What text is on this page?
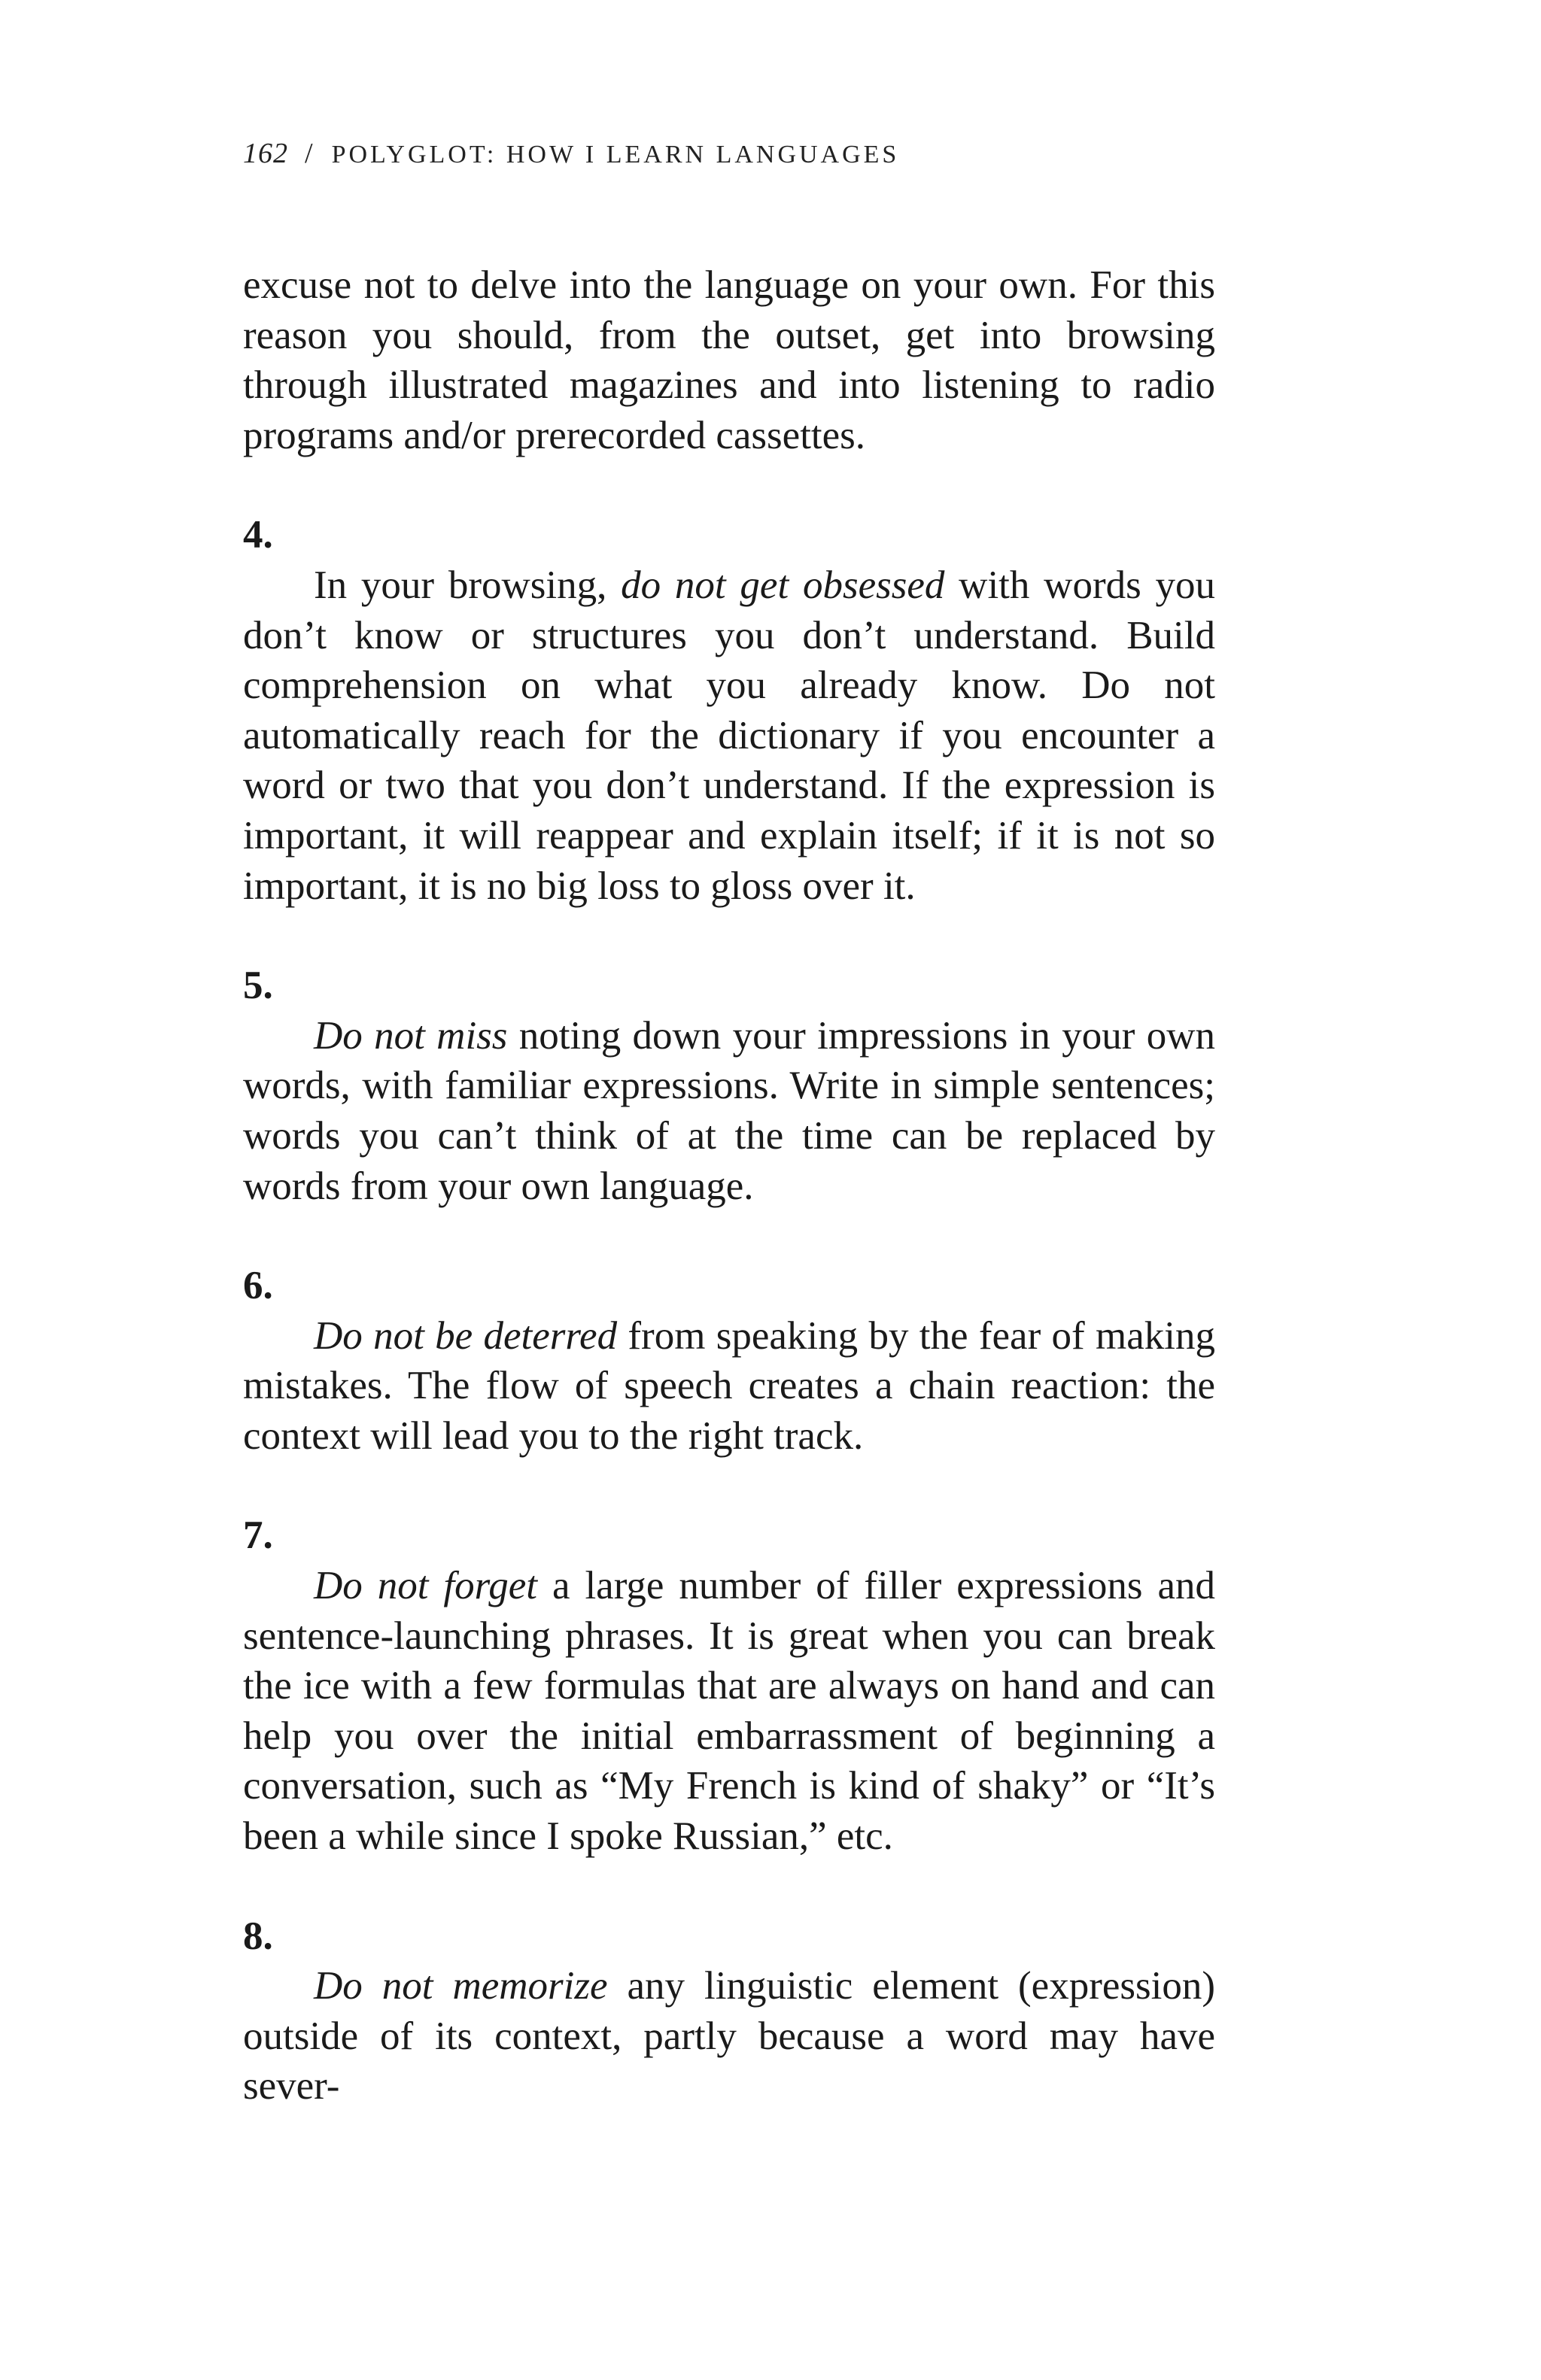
162 / POLYGLOT: HOW I LEARN LANGUAGES

excuse not to delve into the language on your own. For this reason you should, from the outset, get into browsing through illustrated magazines and into listening to radio programs and/or prerecorded cassettes.

4.

In your browsing, do not get obsessed with words you don’t know or structures you don’t understand. Build comprehension on what you already know. Do not automatically reach for the dictionary if you encounter a word or two that you don’t understand. If the expression is important, it will reappear and explain itself; if it is not so important, it is no big loss to gloss over it.

5.

Do not miss noting down your impressions in your own words, with familiar expressions. Write in simple sentences; words you can’t think of at the time can be replaced by words from your own language.

6.

Do not be deterred from speaking by the fear of making mistakes. The flow of speech creates a chain reaction: the context will lead you to the right track.

7.

Do not forget a large number of filler expressions and sentence-launching phrases. It is great when you can break the ice with a few formulas that are always on hand and can help you over the initial embarrassment of beginning a conversation, such as “My French is kind of shaky” or “It’s been a while since I spoke Russian,” etc.

8.

Do not memorize any linguistic element (expression) outside of its context, partly because a word may have sever-
